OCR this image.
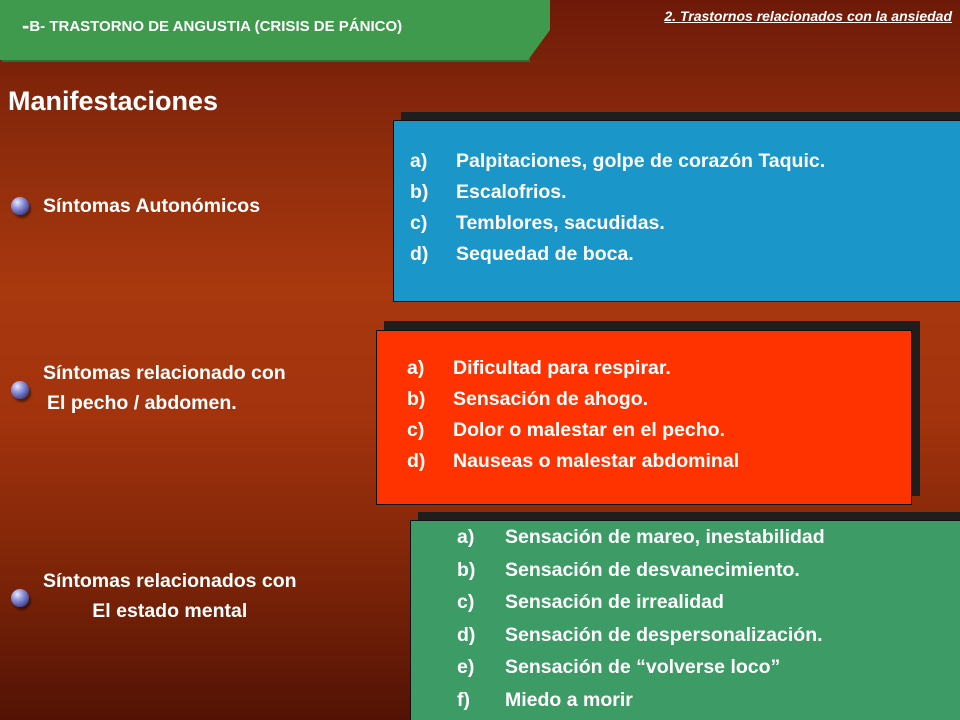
-B- TRASTORNO DE ANGUSTIA (CRISIS DE PÁNICO)
2. Trastornos relacionados con la ansiedad
Manifestaciones
Síntomas Autonómicos
a)	Palpitaciones, golpe de corazón Taquic.
b)	Escalofrios.
c)	Temblores, sacudidas.
d)	Sequedad de boca.
Síntomas relacionado con
El pecho / abdomen.
a)	Dificultad para respirar.
b)	Sensación de ahogo.
c)	Dolor o malestar en el pecho.
d)	Nauseas o malestar abdominal
Síntomas relacionados con
El estado mental
a)	Sensación de mareo, inestabilidad
b)	Sensación de desvanecimiento.
c)	Sensación de irrealidad
d)	Sensación de despersonalización.
e)	Sensación de “volverse loco”
f)	Miedo a morir
